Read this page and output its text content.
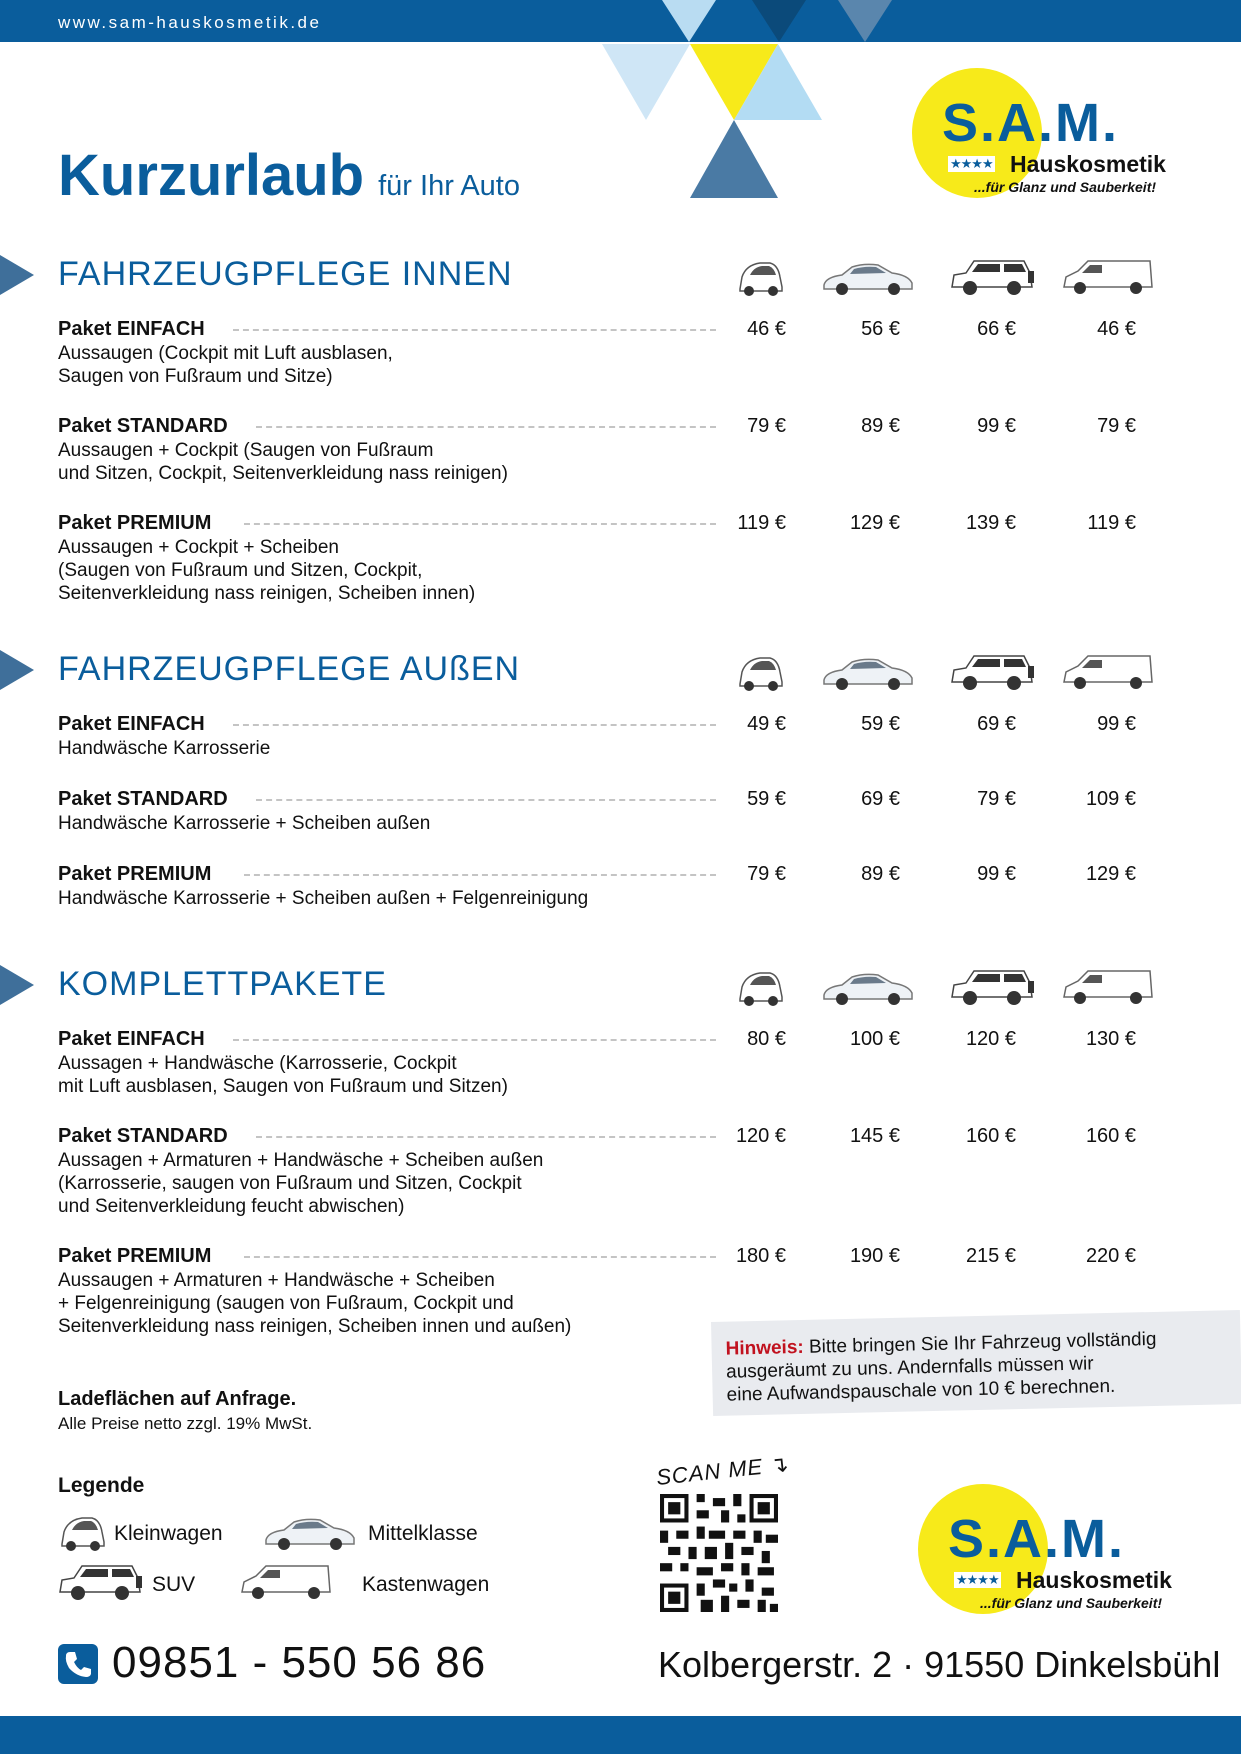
www.sam-hauskosmetik.de
Kurzurlaub für Ihr Auto
S.A.M.
★★★★ Hauskosmetik
...für Glanz und Sauberkeit!
FAHRZEUGPFLEGE INNEN
Paket EINFACH
Aussaugen (Cockpit mit Luft ausblasen,
Saugen von Fußraum und Sitze)
46 €	56 €	66 €	46 €
Paket STANDARD
Aussaugen + Cockpit (Saugen von Fußraum
und Sitzen, Cockpit, Seitenverkleidung nass reinigen)
79 €	89 €	99 €	79 €
Paket PREMIUM
Aussaugen + Cockpit + Scheiben
(Saugen von Fußraum und Sitzen, Cockpit,
Seitenverkleidung nass reinigen, Scheiben innen)
119 €	129 €	139 €	119 €
FAHRZEUGPFLEGE AUßEN
Paket EINFACH
Handwäsche Karrosserie
49 €	59 €	69 €	99 €
Paket STANDARD
Handwäsche Karrosserie + Scheiben außen
59 €	69 €	79 €	109 €
Paket PREMIUM
Handwäsche Karrosserie + Scheiben außen + Felgenreinigung
79 €	89 €	99 €	129 €
KOMPLETTPAKETE
Paket EINFACH
Aussagen + Handwäsche (Karrosserie, Cockpit
mit Luft ausblasen, Saugen von Fußraum und Sitzen)
80 €	100 €	120 €	130 €
Paket STANDARD
Aussagen + Armaturen + Handwäsche + Scheiben außen
(Karrosserie, saugen von Fußraum und Sitzen, Cockpit
und Seitenverkleidung feucht abwischen)
120 €	145 €	160 €	160 €
Paket PREMIUM
Aussaugen + Armaturen + Handwäsche + Scheiben
+ Felgenreinigung (saugen von Fußraum, Cockpit und
Seitenverkleidung nass reinigen, Scheiben innen und außen)
180 €	190 €	215 €	220 €
Hinweis: Bitte bringen Sie Ihr Fahrzeug vollständig
ausgeräumt zu uns. Andernfalls müssen wir
eine Aufwandspauschale von 10 € berechnen.
Ladeflächen auf Anfrage.
Alle Preise netto zzgl. 19% MwSt.
Legende
Kleinwagen	Mittelklasse
SUV	Kastenwagen
SCAN ME ↴
S.A.M.
★★★★ Hauskosmetik
...für Glanz und Sauberkeit!
09851 - 550 56 86	Kolbergerstr. 2 · 91550 Dinkelsbühl
